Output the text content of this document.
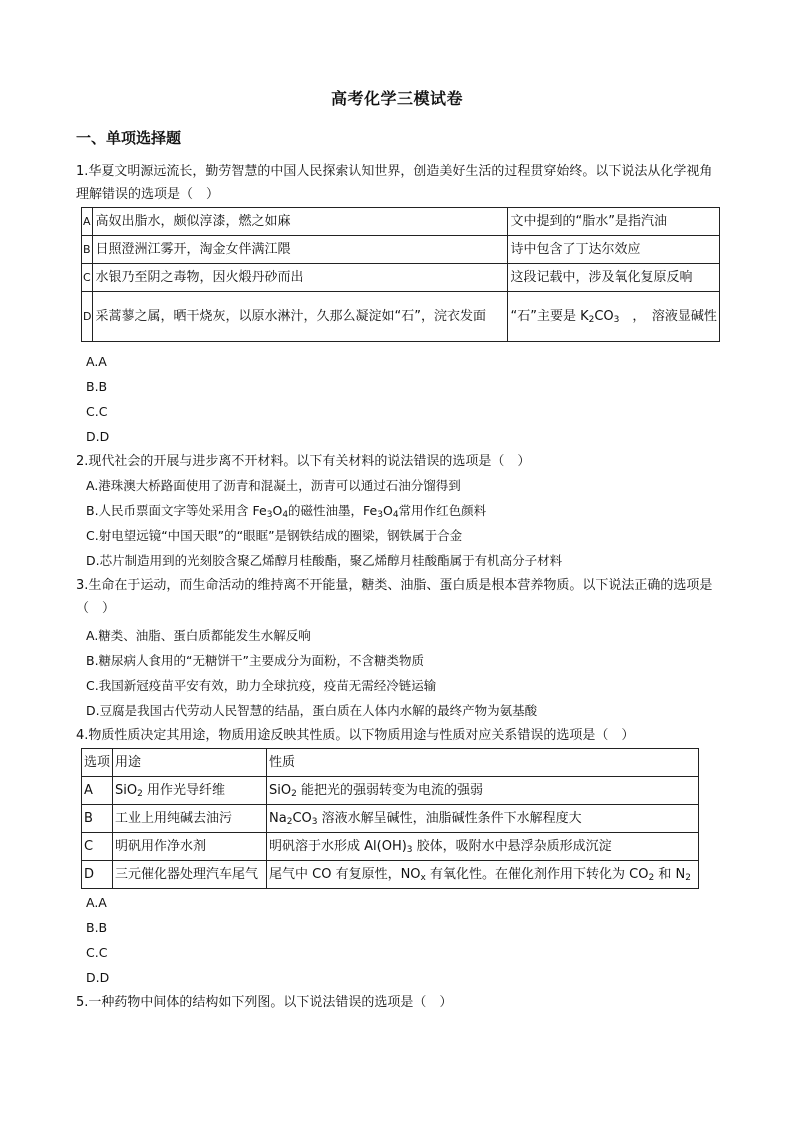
高考化学三模试卷
一、单项选择题
1.华夏文明源远流长，勤劳智慧的中国人民探索认知世界，创造美好生活的过程贯穿始终。以下说法从化学视角理解错误的选项是（　）
A	高奴出脂水，颇似淳漆，燃之如麻	文中提到的“脂水”是指汽油
B	日照澄洲江雾开，淘金女伴满江隈	诗中包含了丁达尔效应
C	水银乃至阴之毒物，因火煅丹砂而出	这段记载中，涉及氧化复原反响
D	采蒿蓼之属，晒干烧灰，以原水淋汁，久那么凝淀如“石”，浣衣发面	“石”主要是 $K_2CO_3$　，　溶液显碱性
A.A
B.B
C.C
D.D
2.现代社会的开展与进步离不开材料。以下有关材料的说法错误的选项是（　）
A.港珠澳大桥路面使用了沥青和混凝土，沥青可以通过石油分馏得到
B.人民币票面文字等处采用含 $Fe_3O_4$的磁性油墨，$Fe_3O_4$常用作红色颜料
C.射电望远镜“中国天眼”的“眼眶”是钢铁结成的圈梁，钢铁属于合金
D.芯片制造用到的光刻胶含聚乙烯醇月桂酸酯，聚乙烯醇月桂酸酯属于有机高分子材料
3.生命在于运动，而生命活动的维持离不开能量，糖类、油脂、蛋白质是根本营养物质。以下说法正确的选项是（　）
A.糖类、油脂、蛋白质都能发生水解反响
B.糖尿病人食用的“无糖饼干”主要成分为面粉，不含糖类物质
C.我国新冠疫苗平安有效，助力全球抗疫，疫苗无需经冷链运输
D.豆腐是我国古代劳动人民智慧的结晶，蛋白质在人体内水解的最终产物为氨基酸
4.物质性质决定其用途，物质用途反映其性质。以下物质用途与性质对应关系错误的选项是（　）
选项	用途	性质
A	SiO$_2$ 用作光导纤维	SiO$_2$ 能把光的强弱转变为电流的强弱
B	工业上用纯碱去油污	$Na_2CO_3$ 溶液水解呈碱性，油脂碱性条件下水解程度大
C	明矾用作净水剂	明矾溶于水形成 $Al(OH)_3$ 胶体，吸附水中悬浮杂质形成沉淀
D	三元催化器处理汽车尾气	尾气中 CO 有复原性，$NO_x$ 有氧化性。在催化剂作用下转化为 $CO_2$ 和 $N_2$
A.A
B.B
C.C
D.D
5.一种药物中间体的结构如下列图。以下说法错误的选项是（　）
